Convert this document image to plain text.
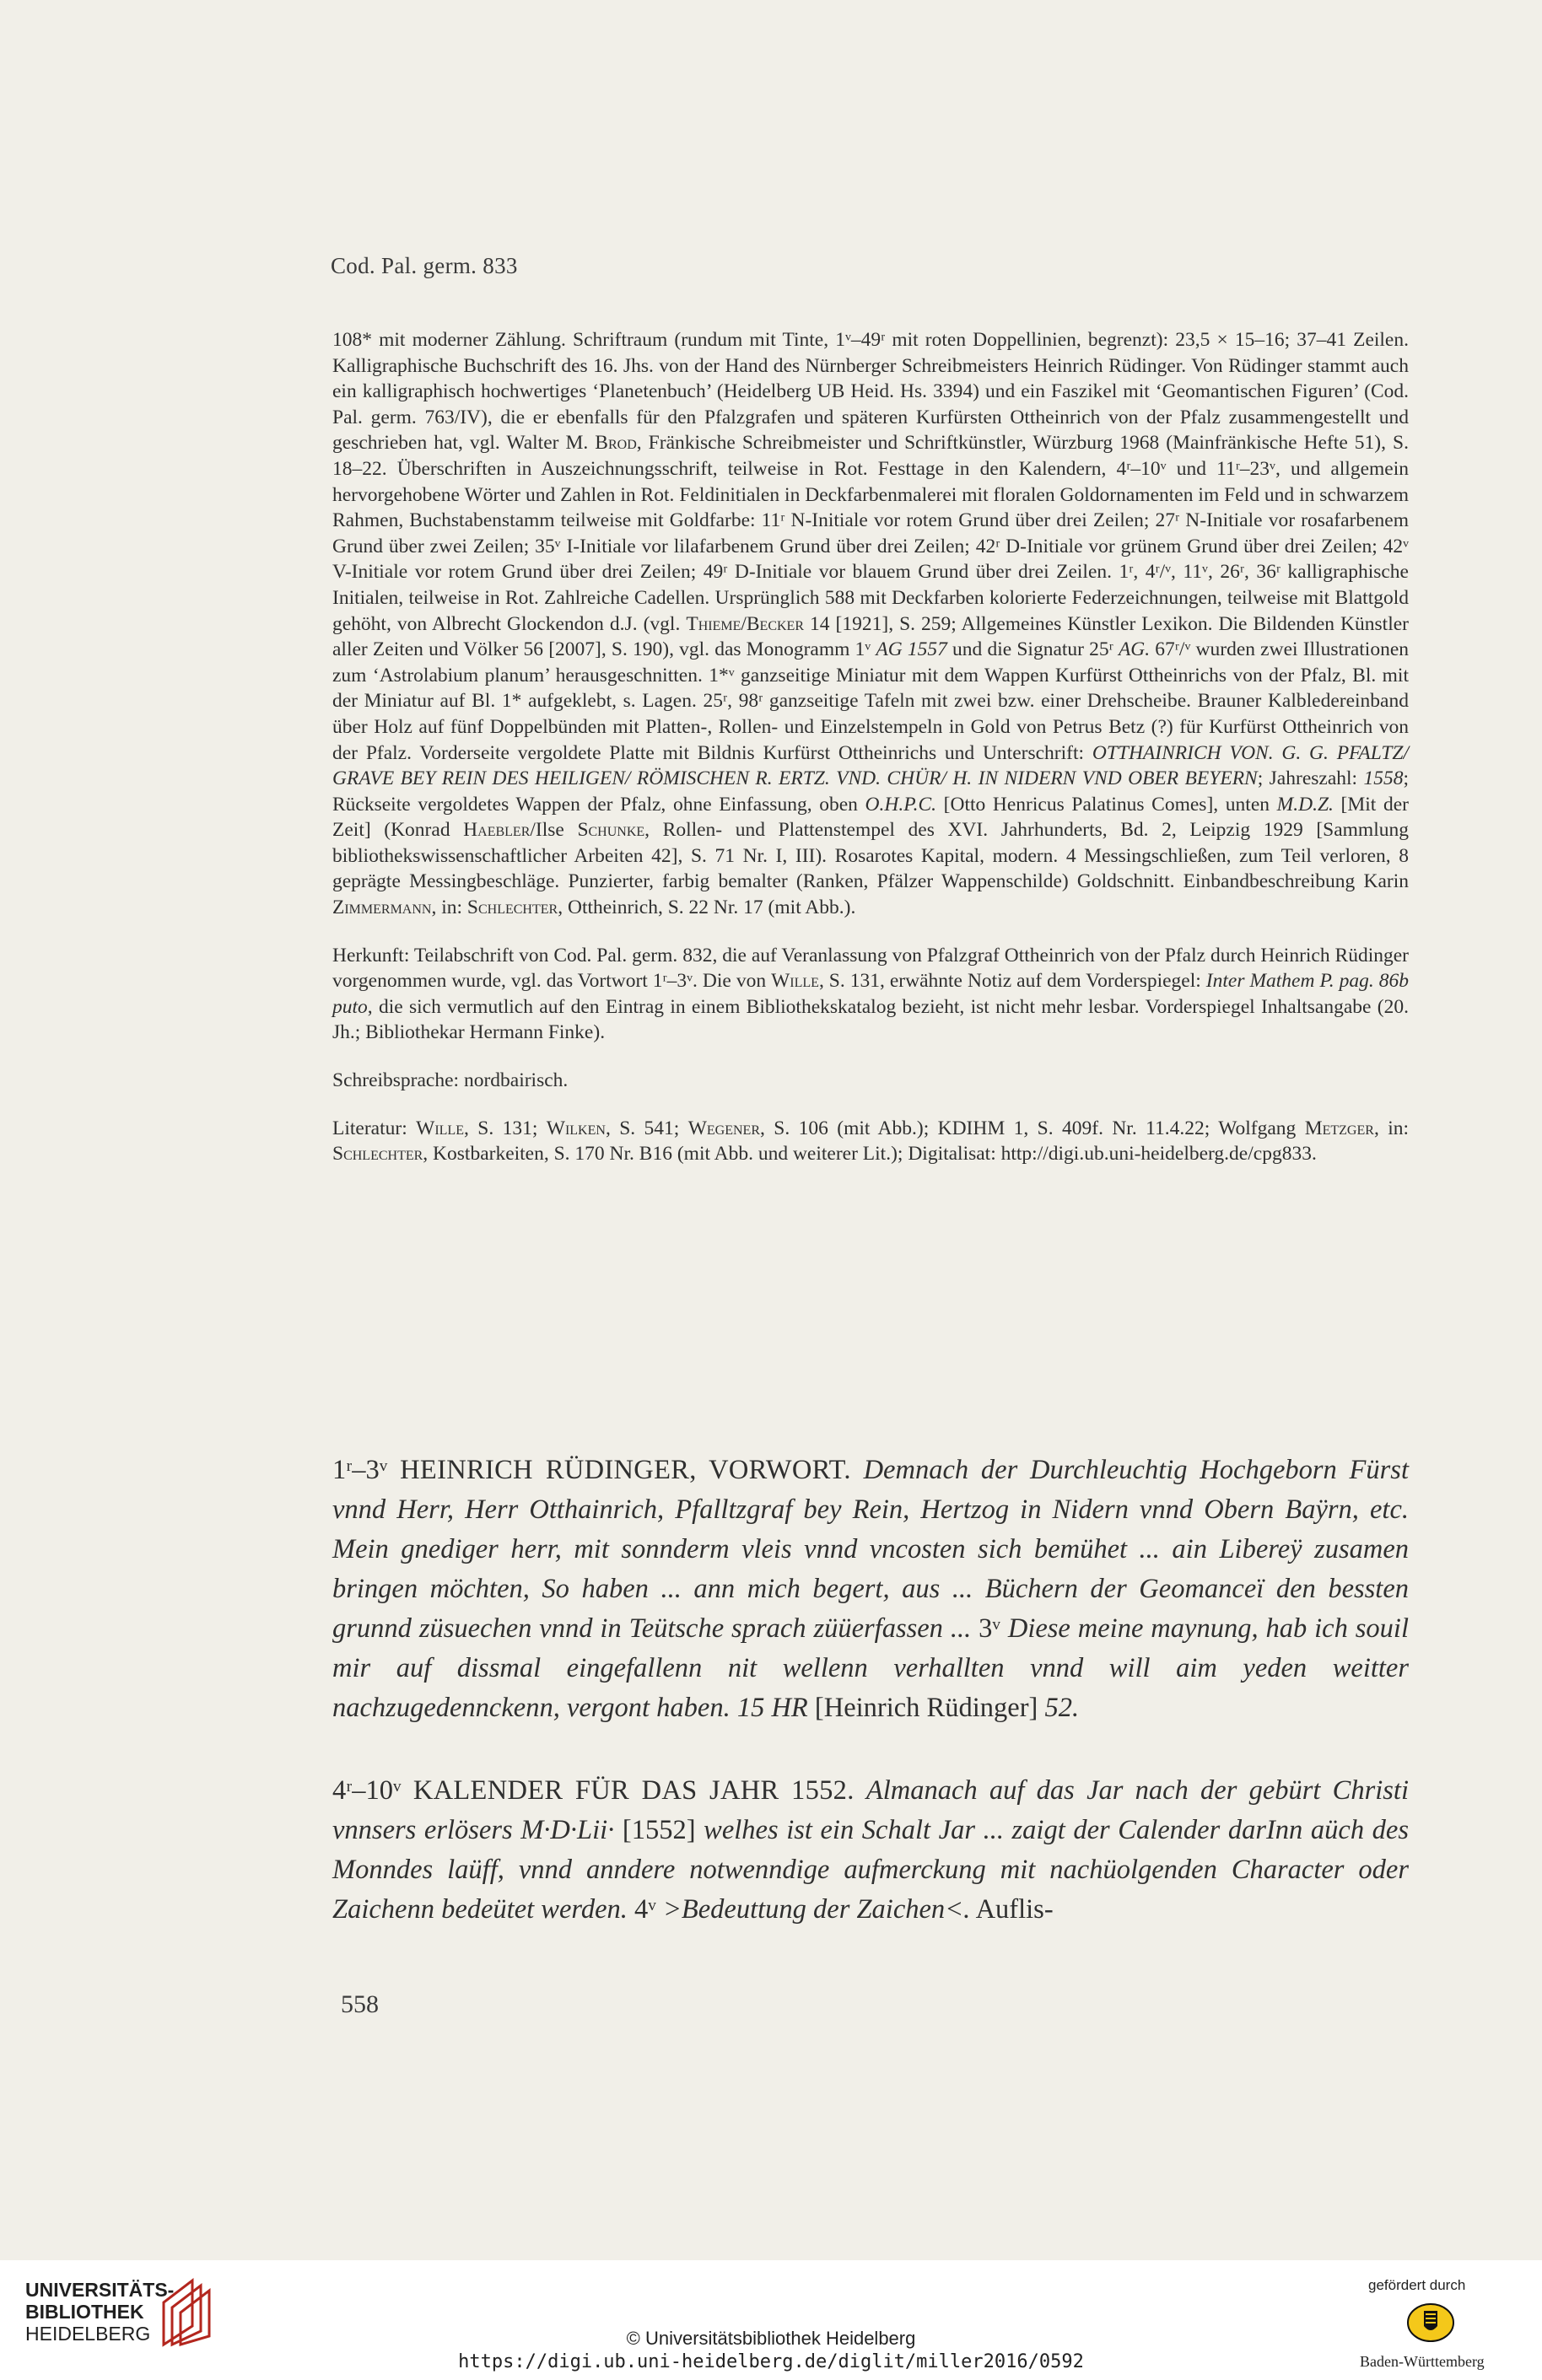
Cod. Pal. germ. 833

108* mit moderner Zählung. Schriftraum (rundum mit Tinte, 1ᵛ–49ʳ mit roten Doppellinien, begrenzt): 23,5 × 15–16; 37–41 Zeilen. Kalligraphische Buchschrift des 16. Jhs. von der Hand des Nürnberger Schreibmeisters Heinrich Rüdinger. Von Rüdinger stammt auch ein kalligraphisch hochwertiges ‘Planetenbuch’ (Heidelberg UB Heid. Hs. 3394) und ein Faszikel mit ‘Geomantischen Figuren’ (Cod. Pal. germ. 763/IV), die er ebenfalls für den Pfalzgrafen und späteren Kurfürsten Ottheinrich von der Pfalz zusammengestellt und geschrieben hat, vgl. Walter M. Brod, Fränkische Schreibmeister und Schriftkünstler, Würzburg 1968 (Mainfränkische Hefte 51), S. 18–22. Überschriften in Auszeichnungsschrift, teilweise in Rot. Festtage in den Kalendern, 4ʳ–10ᵛ und 11ʳ–23ᵛ, und allgemein hervorgehobene Wörter und Zahlen in Rot. Feldinitialen in Deckfarbenmalerei mit floralen Goldornamenten im Feld und in schwarzem Rahmen, Buchstabenstamm teilweise mit Goldfarbe: 11ʳ N-Initiale vor rotem Grund über drei Zeilen; 27ʳ N-Initiale vor rosafarbenem Grund über zwei Zeilen; 35ᵛ I-Initiale vor lilafarbenem Grund über drei Zeilen; 42ʳ D-Initiale vor grünem Grund über drei Zeilen; 42ᵛ V-Initiale vor rotem Grund über drei Zeilen; 49ʳ D-Initiale vor blauem Grund über drei Zeilen. 1ʳ, 4ʳ/ᵛ, 11ᵛ, 26ʳ, 36ʳ kalligraphische Initialen, teilweise in Rot. Zahlreiche Cadellen. Ursprünglich 588 mit Deckfarben kolorierte Federzeichnungen, teilweise mit Blattgold gehöht, von Albrecht Glockendon d.J. (vgl. Thieme/Becker 14 [1921], S. 259; Allgemeines Künstler Lexikon. Die Bildenden Künstler aller Zeiten und Völker 56 [2007], S. 190), vgl. das Monogramm 1ᵛ AG 1557 und die Signatur 25ʳ AG. 67ʳ/ᵛ wurden zwei Illustrationen zum ‘Astrolabium planum’ herausgeschnitten. 1*ᵛ ganzseitige Miniatur mit dem Wappen Kurfürst Ottheinrichs von der Pfalz, Bl. mit der Miniatur auf Bl. 1* aufgeklebt, s. Lagen. 25ʳ, 98ʳ ganzseitige Tafeln mit zwei bzw. einer Drehscheibe. Brauner Kalbledereinband über Holz auf fünf Doppelbünden mit Platten-, Rollen- und Einzelstempeln in Gold von Petrus Betz (?) für Kurfürst Ottheinrich von der Pfalz. Vorderseite vergoldete Platte mit Bildnis Kurfürst Ottheinrichs und Unterschrift: OTTHAINRICH VON. G. G. PFALTZ/ GRAVE BEY REIN DES HEILIGEN/ RÖMISCHEN R. ERTZ. VND. CHÜR/ H. IN NIDERN VND OBER BEYERN; Jahreszahl: 1558; Rückseite vergoldetes Wappen der Pfalz, ohne Einfassung, oben O.H.P.C. [Otto Henricus Palatinus Comes], unten M.D.Z. [Mit der Zeit] (Konrad Haebler/Ilse Schunke, Rollen- und Plattenstempel des XVI. Jahrhunderts, Bd. 2, Leipzig 1929 [Sammlung bibliothekswissenschaftlicher Arbeiten 42], S. 71 Nr. I, III). Rosarotes Kapital, modern. 4 Messingschließen, zum Teil verloren, 8 geprägte Messingbeschläge. Punzierter, farbig bemalter (Ranken, Pfälzer Wappenschilde) Goldschnitt. Einbandbeschreibung Karin Zimmermann, in: Schlechter, Ottheinrich, S. 22 Nr. 17 (mit Abb.).

Herkunft: Teilabschrift von Cod. Pal. germ. 832, die auf Veranlassung von Pfalzgraf Ottheinrich von der Pfalz durch Heinrich Rüdinger vorgenommen wurde, vgl. das Vortwort 1ʳ–3ᵛ. Die von Wille, S. 131, erwähnte Notiz auf dem Vorderspiegel: Inter Mathem P. pag. 86b puto, die sich vermutlich auf den Eintrag in einem Bibliothekskatalog bezieht, ist nicht mehr lesbar. Vorderspiegel Inhaltsangabe (20. Jh.; Bibliothekar Hermann Finke).

Schreibsprache: nordbairisch.

Literatur: Wille, S. 131; Wilken, S. 541; Wegener, S. 106 (mit Abb.); KDIHM 1, S. 409f. Nr. 11.4.22; Wolfgang Metzger, in: Schlechter, Kostbarkeiten, S. 170 Nr. B16 (mit Abb. und weiterer Lit.); Digitalisat: http://digi.ub.uni-heidelberg.de/cpg833.

1ʳ–3ᵛ HEINRICH RÜDINGER, VORWORT. Demnach der Durchleuchtig Hochgeborn Fürst vnnd Herr, Herr Otthainrich, Pfalltzgraf bey Rein, Hertzog in Nidern vnnd Obern Baÿrn, etc. Mein gnediger herr, mit sonnderm vleis vnnd vncosten sich bemühet ... ain Libereÿ zusamen bringen möchten, So haben ... ann mich begert, aus ... Büchern der Geomanceï den bessten grunnd züsuechen vnnd in Teütsche sprach züüerfassen ... 3ᵛ Diese meine maynung, hab ich souil mir auf dissmal eingefallenn nit wellenn verhallten vnnd will aim yeden weitter nachzugedennckenn, vergont haben. 15 HR [Heinrich Rüdinger] 52.

4ʳ–10ᵛ KALENDER FÜR DAS JAHR 1552. Almanach auf das Jar nach der gebürt Christi vnnsers erlösers M·D·Lii· [1552] welhes ist ein Schalt Jar ... zaigt der Calender darInn aüch des Monndes laüff, vnnd anndere notwenndige aufmerckung mit nachüolgenden Character oder Zaichenn bedeütet werden. 4ᵛ >Bedeuttung der Zaichen<. Auflis-

558
UNIVERSITÄTS-
BIBLIOTHEK
HEIDELBERG	© Universitätsbibliothek Heidelberg
https://digi.ub.uni-heidelberg.de/diglit/miller2016/0592
gefördert durch
Baden-Württemberg
